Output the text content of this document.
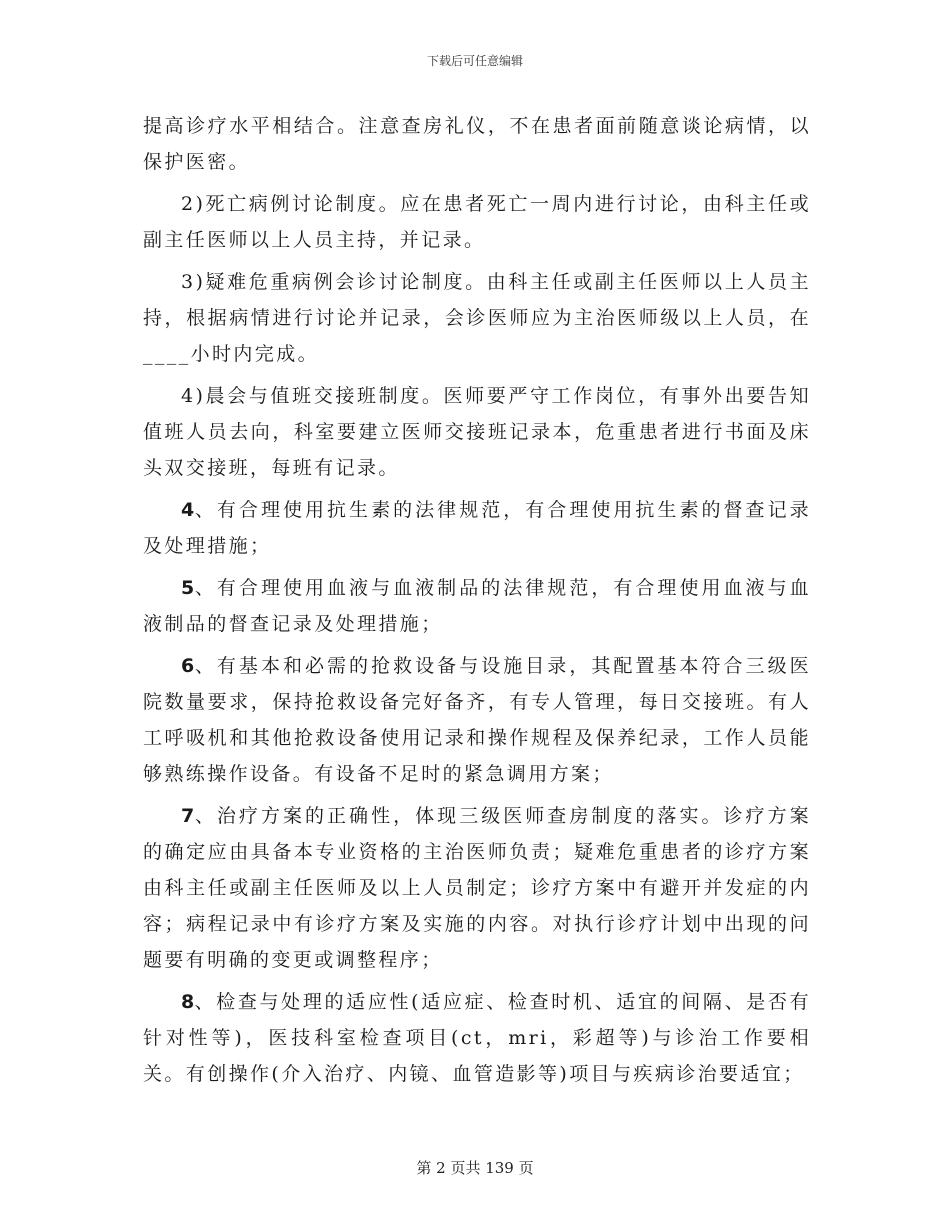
下载后可任意编辑

提高诊疗水平相结合。注意查房礼仪，不在患者面前随意谈论病情，以保护医密。

2)死亡病例讨论制度。应在患者死亡一周内进行讨论，由科主任或副主任医师以上人员主持，并记录。

3)疑难危重病例会诊讨论制度。由科主任或副主任医师以上人员主持，根据病情进行讨论并记录，会诊医师应为主治医师级以上人员，在____小时内完成。

4)晨会与值班交接班制度。医师要严守工作岗位，有事外出要告知值班人员去向，科室要建立医师交接班记录本，危重患者进行书面及床头双交接班，每班有记录。

4、有合理使用抗生素的法律规范，有合理使用抗生素的督查记录及处理措施；

5、有合理使用血液与血液制品的法律规范，有合理使用血液与血液制品的督查记录及处理措施；

6、有基本和必需的抢救设备与设施目录，其配置基本符合三级医院数量要求，保持抢救设备完好备齐，有专人管理，每日交接班。有人工呼吸机和其他抢救设备使用记录和操作规程及保养纪录，工作人员能够熟练操作设备。有设备不足时的紧急调用方案；

7、治疗方案的正确性，体现三级医师查房制度的落实。诊疗方案的确定应由具备本专业资格的主治医师负责；疑难危重患者的诊疗方案由科主任或副主任医师及以上人员制定；诊疗方案中有避开并发症的内容；病程记录中有诊疗方案及实施的内容。对执行诊疗计划中出现的问题要有明确的变更或调整程序；

8、检查与处理的适应性(适应症、检查时机、适宜的间隔、是否有针对性等)，医技科室检查项目(ct，mri，彩超等)与诊治工作要相关。有创操作(介入治疗、内镜、血管造影等)项目与疾病诊治要适宜；

第 2 页共 139 页
